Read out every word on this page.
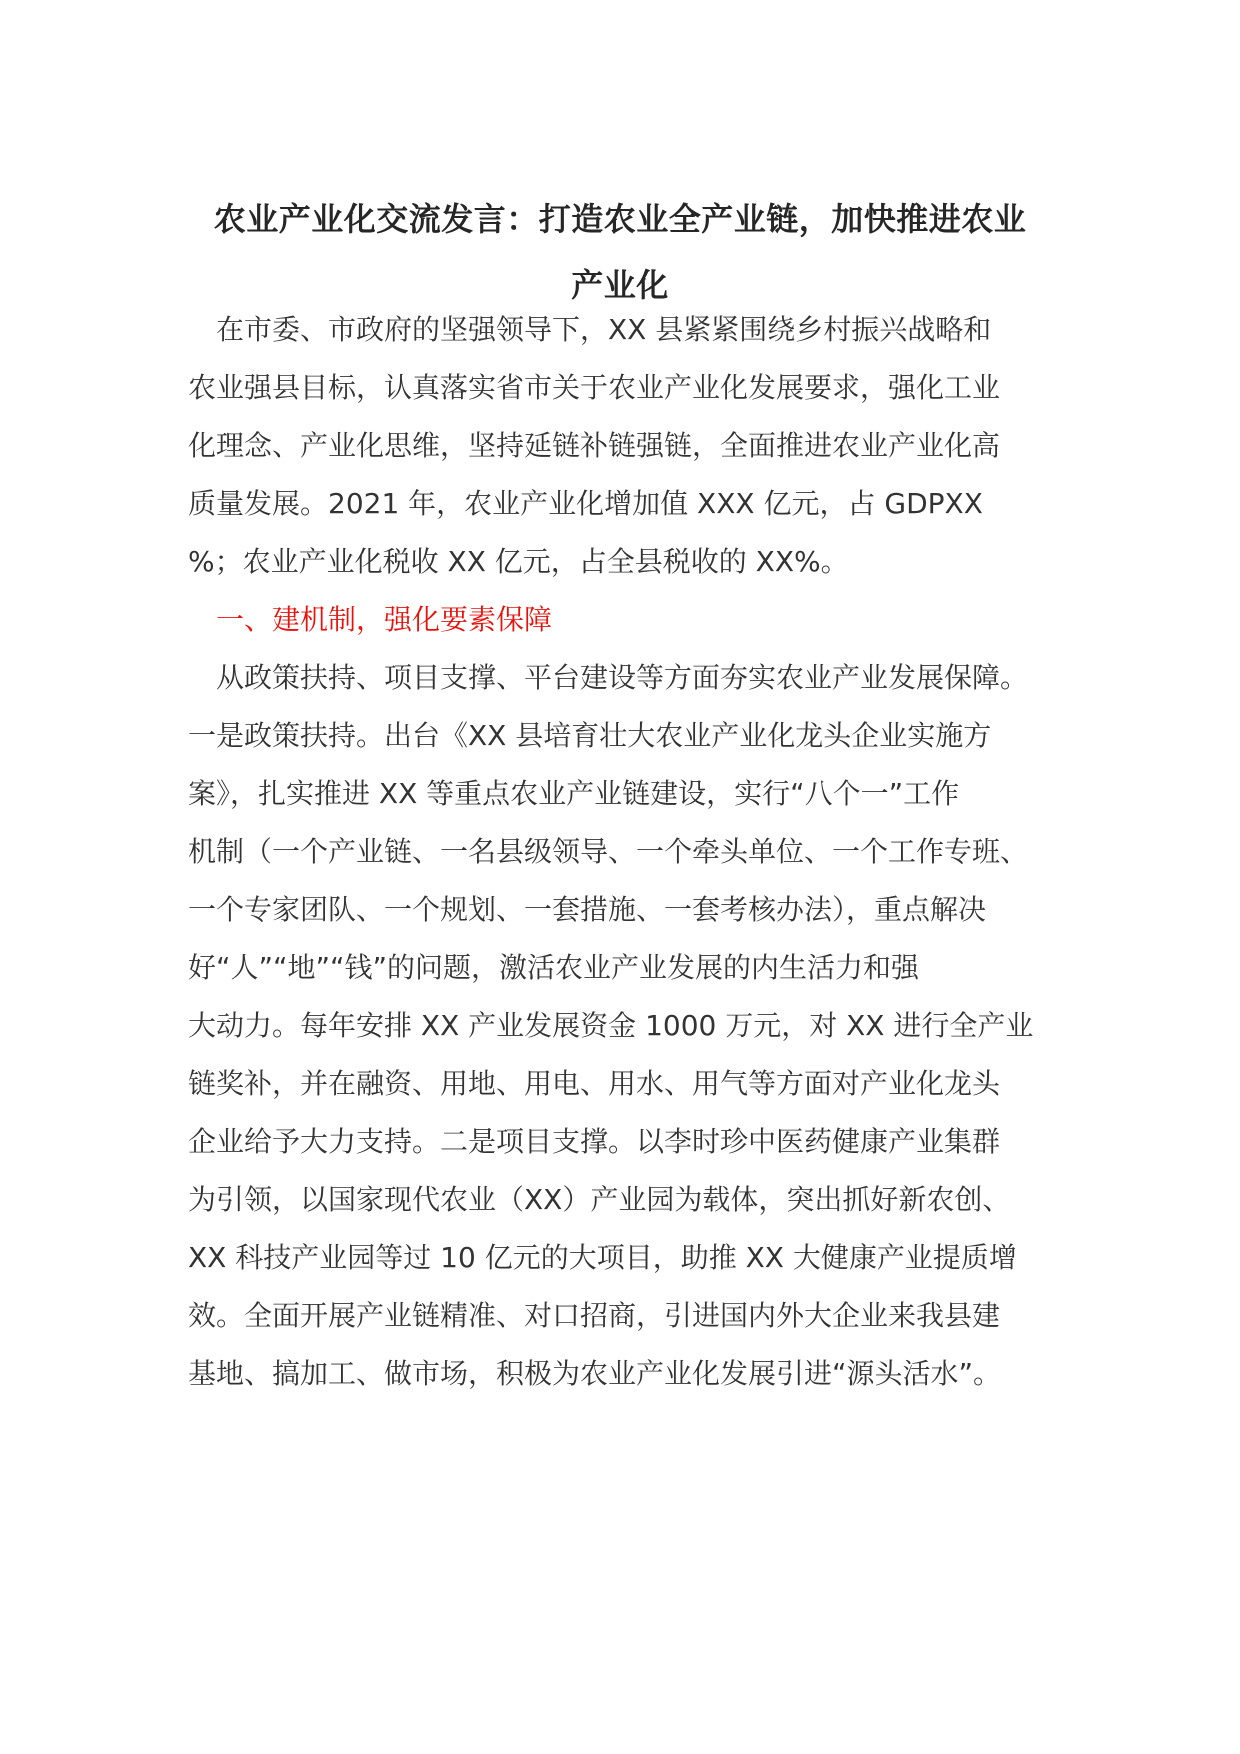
农业产业化交流发言：打造农业全产业链，加快推进农业
产业化
　在市委、市政府的坚强领导下，XX 县紧紧围绕乡村振兴战略和
农业强县目标，认真落实省市关于农业产业化发展要求，强化工业
化理念、产业化思维，坚持延链补链强链，全面推进农业产业化高
质量发展。2021 年，农业产业化增加值 XXX 亿元，占 GDPXX
%；农业产业化税收 XX 亿元，占全县税收的 XX%。
　一、建机制，强化要素保障
　从政策扶持、项目支撑、平台建设等方面夯实农业产业发展保障。
一是政策扶持。出台《XX 县培育壮大农业产业化龙头企业实施方
案》，扎实推进 XX 等重点农业产业链建设，实行“八个一”工作
机制（一个产业链、一名县级领导、一个牵头单位、一个工作专班、
一个专家团队、一个规划、一套措施、一套考核办法），重点解决
好“人”“地”“钱”的问题，激活农业产业发展的内生活力和强
大动力。每年安排 XX 产业发展资金 1000 万元，对 XX 进行全产业
链奖补，并在融资、用地、用电、用水、用气等方面对产业化龙头
企业给予大力支持。二是项目支撑。以李时珍中医药健康产业集群
为引领，以国家现代农业（XX）产业园为载体，突出抓好新农创、
XX 科技产业园等过 10 亿元的大项目，助推 XX 大健康产业提质增
效。全面开展产业链精准、对口招商，引进国内外大企业来我县建
基地、搞加工、做市场，积极为农业产业化发展引进“源头活水”。
